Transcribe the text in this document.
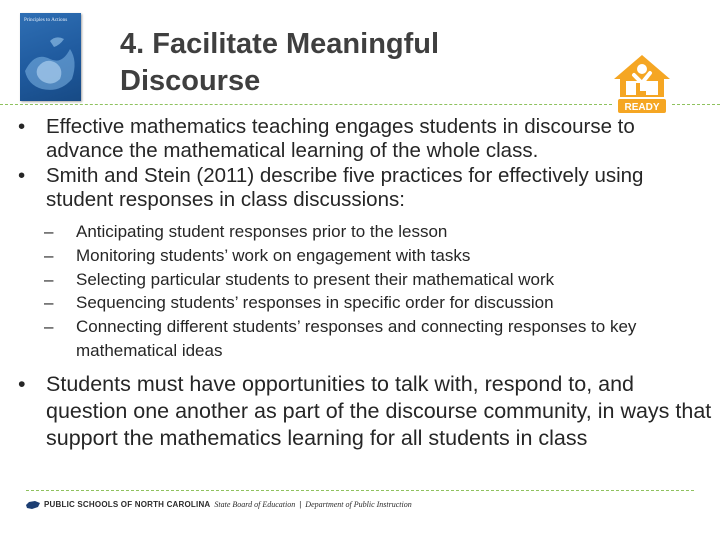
Principles to Actions
4. Facilitate Meaningful
Discourse
READY

• Effective mathematics teaching engages students in discourse to advance the mathematical learning of the whole class.

• Smith and Stein (2011) describe five practices for effectively using student responses in class discussions:

– Anticipating student responses prior to the lesson
– Monitoring students’ work on engagement with tasks
– Selecting particular students to present their mathematical work
– Sequencing students’ responses in specific order for discussion
– Connecting different students’ responses and connecting responses to key mathematical ideas

• Students must have opportunities to talk with, respond to, and question one another as part of the discourse community, in ways that support the mathematics learning for all students in class

PUBLIC SCHOOLS OF NORTH CAROLINA State Board of Education | Department of Public Instruction
